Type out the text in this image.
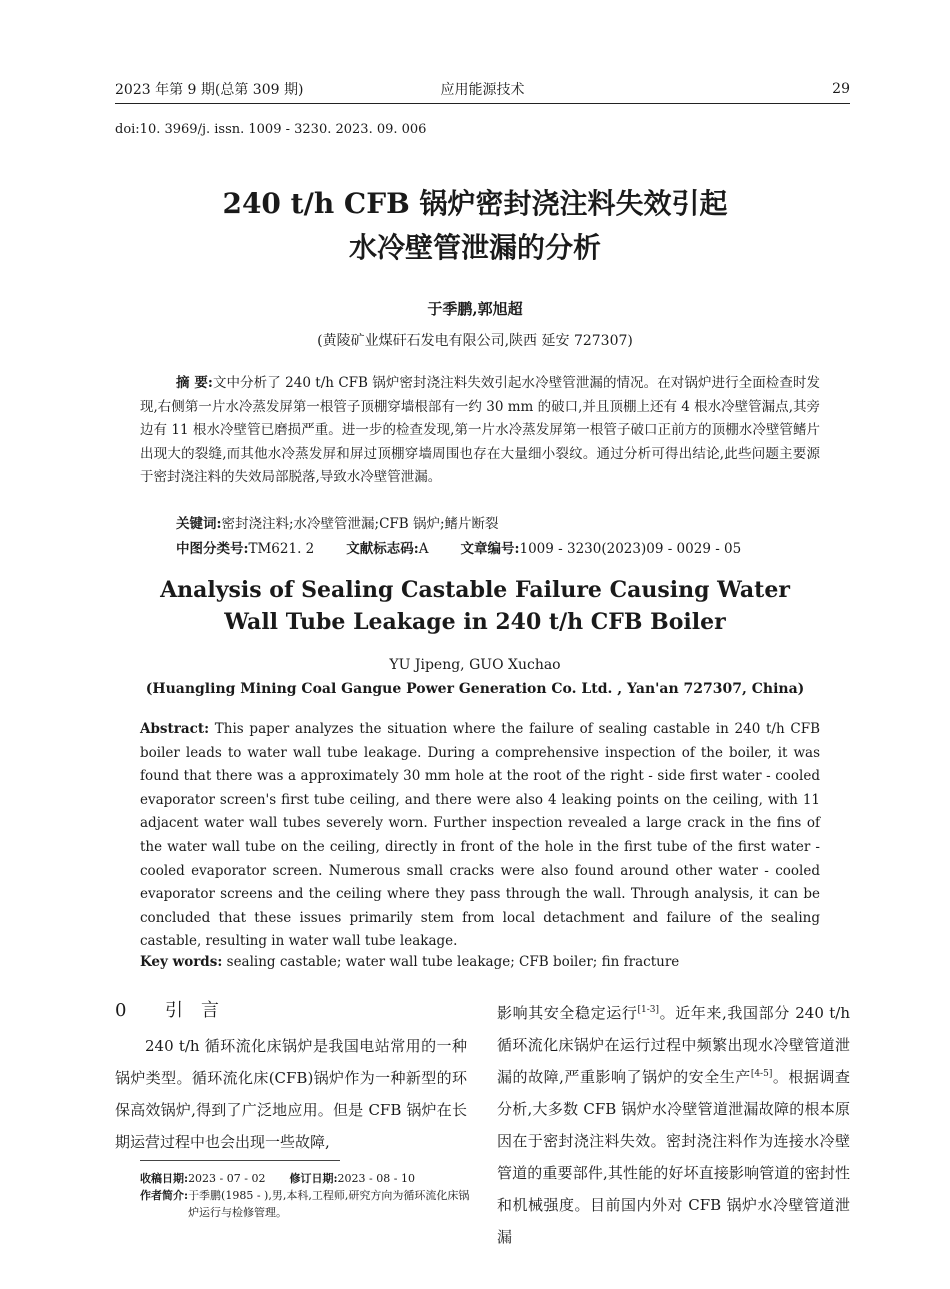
2023 年第 9 期(总第 309 期)	应用能源技术	29
doi:10. 3969/j. issn. 1009 - 3230. 2023. 09. 006
240 t/h CFB 锅炉密封浇注料失效引起
水冷壁管泄漏的分析
于季鹏,郭旭超
(黄陵矿业煤矸石发电有限公司,陕西 延安 727307)
摘 要:文中分析了 240 t/h CFB 锅炉密封浇注料失效引起水冷壁管泄漏的情况。在对锅炉进行全面检查时发现,右侧第一片水冷蒸发屏第一根管子顶棚穿墙根部有一约 30 mm 的破口,并且顶棚上还有 4 根水冷壁管漏点,其旁边有 11 根水冷壁管已磨损严重。进一步的检查发现,第一片水冷蒸发屏第一根管子破口正前方的顶棚水冷壁管鳍片出现大的裂缝,而其他水冷蒸发屏和屏过顶棚穿墙周围也存在大量细小裂纹。通过分析可得出结论,此些问题主要源于密封浇注料的失效局部脱落,导致水冷壁管泄漏。
关键词:密封浇注料;水冷壁管泄漏;CFB 锅炉;鳍片断裂
中图分类号:TM621. 2 文献标志码:A 文章编号:1009 - 3230(2023)09 - 0029 - 05
Analysis of Sealing Castable Failure Causing Water
Wall Tube Leakage in 240 t/h CFB Boiler
YU Jipeng, GUO Xuchao
(Huangling Mining Coal Gangue Power Generation Co. Ltd. , Yan'an 727307, China)
Abstract: This paper analyzes the situation where the failure of sealing castable in 240 t/h CFB boiler leads to water wall tube leakage. During a comprehensive inspection of the boiler, it was found that there was a approximately 30 mm hole at the root of the right - side first water - cooled evaporator screen's first tube ceiling, and there were also 4 leaking points on the ceiling, with 11 adjacent water wall tubes severely worn. Further inspection revealed a large crack in the fins of the water wall tube on the ceiling, directly in front of the hole in the first tube of the first water - cooled evaporator screen. Numerous small cracks were also found around other water - cooled evaporator screens and the ceiling where they pass through the wall. Through analysis, it can be concluded that these issues primarily stem from local detachment and failure of the sealing castable, resulting in water wall tube leakage.
Key words: sealing castable; water wall tube leakage; CFB boiler; fin fracture
0 引 言
240 t/h 循环流化床锅炉是我国电站常用的一种锅炉类型。循环流化床(CFB)锅炉作为一种新型的环保高效锅炉,得到了广泛地应用。但是 CFB 锅炉在长期运营过程中也会出现一些故障,
影响其安全稳定运行[1-3]。近年来,我国部分 240 t/h 循环流化床锅炉在运行过程中频繁出现水冷壁管道泄漏的故障,严重影响了锅炉的安全生产[4-5]。根据调查分析,大多数 CFB 锅炉水冷壁管道泄漏故障的根本原因在于密封浇注料失效。密封浇注料作为连接水冷壁管道的重要部件,其性能的好坏直接影响管道的密封性和机械强度。目前国内外对 CFB 锅炉水冷壁管道泄漏
收稿日期: 2023 - 07 - 02 修订日期: 2023 - 08 - 10
作者简介: 于季鹏(1985 - ),男,本科,工程师,研究方向为循环流化床锅炉运行与检修管理。
